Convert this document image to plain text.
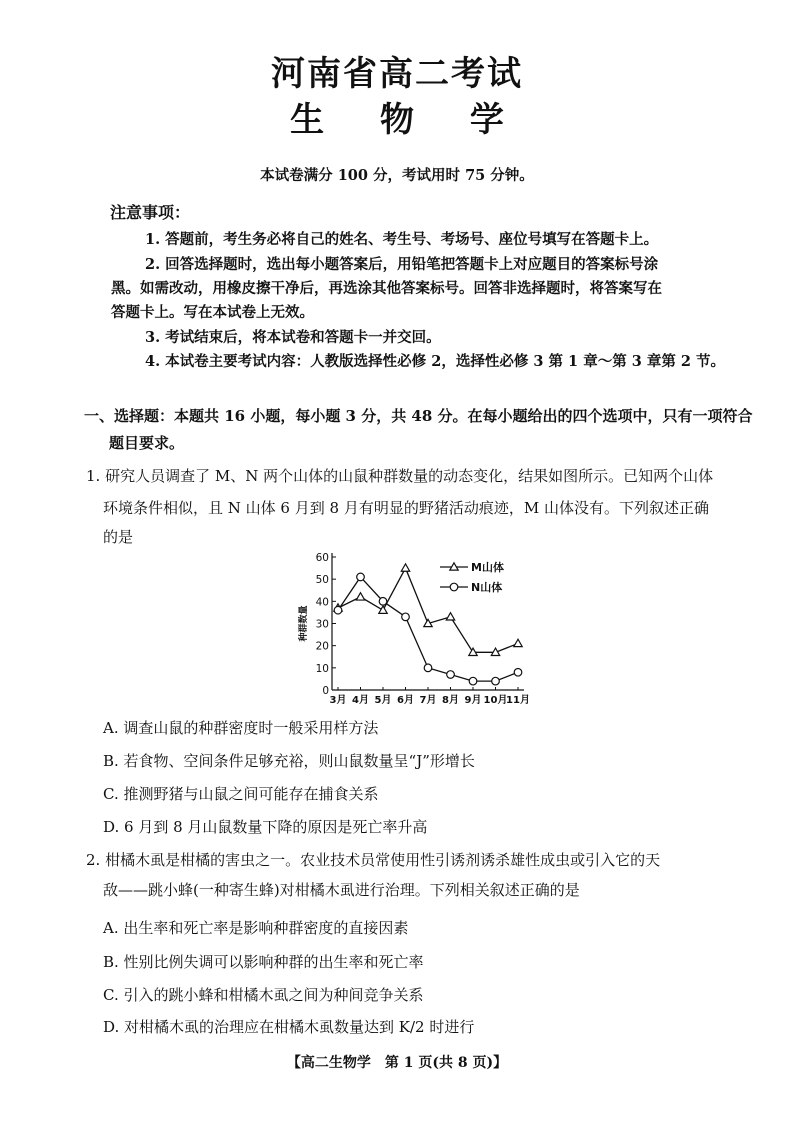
河南省高二考试
生 物 学
本试卷满分 100 分，考试用时 75 分钟。
注意事项：
1. 答题前，考生务必将自己的姓名、考生号、考场号、座位号填写在答题卡上。
2. 回答选择题时，选出每小题答案后，用铅笔把答题卡上对应题目的答案标号涂
黑。如需改动，用橡皮擦干净后，再选涂其他答案标号。回答非选择题时，将答案写在
答题卡上。写在本试卷上无效。
3. 考试结束后，将本试卷和答题卡一并交回。
4. 本试卷主要考试内容：人教版选择性必修 2，选择性必修 3 第 1 章～第 3 章第 2 节。
一、选择题：本题共 16 小题，每小题 3 分，共 48 分。在每小题给出的四个选项中，只有一项符合
题目要求。
1. 研究人员调查了 M、N 两个山体的山鼠种群数量的动态变化，结果如图所示。已知两个山体
环境条件相似，且 N 山体 6 月到 8 月有明显的野猪活动痕迹，M 山体没有。下列叙述正确
的是
0
10
20
30
40
50
60
3月 4月 5月 6月 7月 8月 9月 10月
11月
种群数量
M山体
N山体
A. 调查山鼠的种群密度时一般采用样方法
B. 若食物、空间条件足够充裕，则山鼠数量呈“J”形增长
C. 推测野猪与山鼠之间可能存在捕食关系
D. 6 月到 8 月山鼠数量下降的原因是死亡率升高
2. 柑橘木虱是柑橘的害虫之一。农业技术员常使用性引诱剂诱杀雄性成虫或引入它的天
敌——跳小蜂(一种寄生蜂)对柑橘木虱进行治理。下列相关叙述正确的是
A. 出生率和死亡率是影响种群密度的直接因素
B. 性别比例失调可以影响种群的出生率和死亡率
C. 引入的跳小蜂和柑橘木虱之间为种间竞争关系
D. 对柑橘木虱的治理应在柑橘木虱数量达到 K/2 时进行
【高二生物学　第 1 页(共 8 页)】
